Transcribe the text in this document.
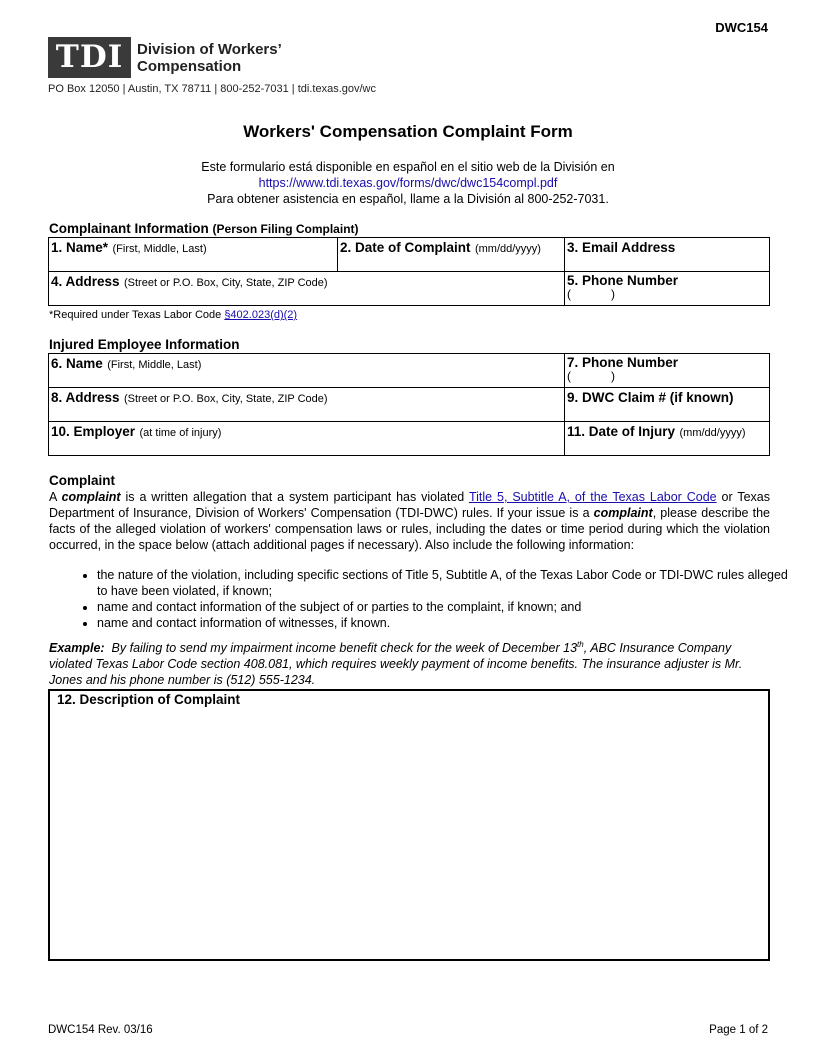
DWC154
TDI Division of Workers’
Compensation
PO Box 12050 | Austin, TX 78711 | 800-252-7031 | tdi.texas.gov/wc
Workers' Compensation Complaint Form
Este formulario está disponible en español en el sitio web de la División en
https://www.tdi.texas.gov/forms/dwc/dwc154compl.pdf
Para obtener asistencia en español, llame a la División al 800-252-7031.
Complainant Information (Person Filing Complaint)
1. Name* (First, Middle, Last)	2. Date of Complaint (mm/dd/yyyy)	3. Email Address
4. Address (Street or P.O. Box, City, State, ZIP Code)		5. Phone Number
(         )
*Required under Texas Labor Code §402.023(d)(2)
Injured Employee Information
6. Name (First, Middle, Last)	7. Phone Number
(         )

8. Address (Street or P.O. Box, City, State, ZIP Code)	9. DWC Claim # (if known)
10. Employer (at time of injury)	11. Date of Injury (mm/dd/yyyy)
Complaint
A complaint is a written allegation that a system participant has violated Title 5, Subtitle A, of the Texas Labor Code or Texas Department of Insurance, Division of Workers' Compensation (TDI-DWC) rules. If your issue is a complaint, please describe the facts of the alleged violation of workers' compensation laws or rules, including the dates or time period during which the violation occurred, in the space below (attach additional pages if necessary). Also include the following information:
• the nature of the violation, including specific sections of Title 5, Subtitle A, of the Texas Labor Code or TDI-DWC rules alleged to have been violated, if known;
• name and contact information of the subject of or parties to the complaint, if known; and
• name and contact information of witnesses, if known.
Example: By failing to send my impairment income benefit check for the week of December 13th, ABC Insurance Company violated Texas Labor Code section 408.081, which requires weekly payment of income benefits. The insurance adjuster is Mr. Jones and his phone number is (512) 555-1234.
12. Description of Complaint
DWC154 Rev. 03/16	Page 1 of 2
